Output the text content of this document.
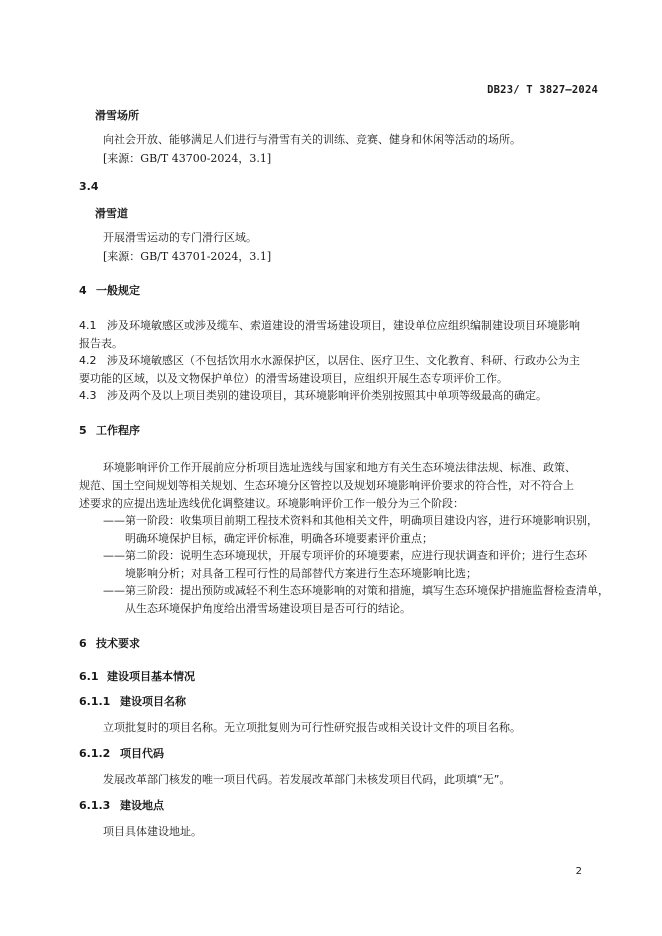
DB23/ T 3827—2024
滑雪场所
向社会开放、能够满足人们进行与滑雪有关的训练、竞赛、健身和休闲等活动的场所。
[来源：GB/T 43700-2024，3.1]
3.4
滑雪道
开展滑雪运动的专门滑行区域。
[来源：GB/T 43701-2024，3.1]
4 一般规定
4.1 涉及环境敏感区或涉及缆车、索道建设的滑雪场建设项目，建设单位应组织编制建设项目环境影响
报告表。
4.2 涉及环境敏感区（不包括饮用水水源保护区，以居住、医疗卫生、文化教育、科研、行政办公为主
要功能的区域，以及文物保护单位）的滑雪场建设项目，应组织开展生态专项评价工作。
4.3 涉及两个及以上项目类别的建设项目，其环境影响评价类别按照其中单项等级最高的确定。
5 工作程序
环境影响评价工作开展前应分析项目选址选线与国家和地方有关生态环境法律法规、标准、政策、
规范、国土空间规划等相关规划、生态环境分区管控以及规划环境影响评价要求的符合性，对不符合上
述要求的应提出选址选线优化调整建议。环境影响评价工作一般分为三个阶段：
——第一阶段：收集项目前期工程技术资料和其他相关文件，明确项目建设内容，进行环境影响识别，
明确环境保护目标，确定评价标准，明确各环境要素评价重点；
——第二阶段：说明生态环境现状，开展专项评价的环境要素，应进行现状调查和评价；进行生态环
境影响分析；对具备工程可行性的局部替代方案进行生态环境影响比选；
——第三阶段：提出预防或减轻不利生态环境影响的对策和措施，填写生态环境保护措施监督检查清单，
从生态环境保护角度给出滑雪场建设项目是否可行的结论。
6 技术要求
6.1 建设项目基本情况
6.1.1 建设项目名称
立项批复时的项目名称。无立项批复则为可行性研究报告或相关设计文件的项目名称。
6.1.2 项目代码
发展改革部门核发的唯一项目代码。若发展改革部门未核发项目代码，此项填“无”。
6.1.3 建设地点
项目具体建设地址。
2
